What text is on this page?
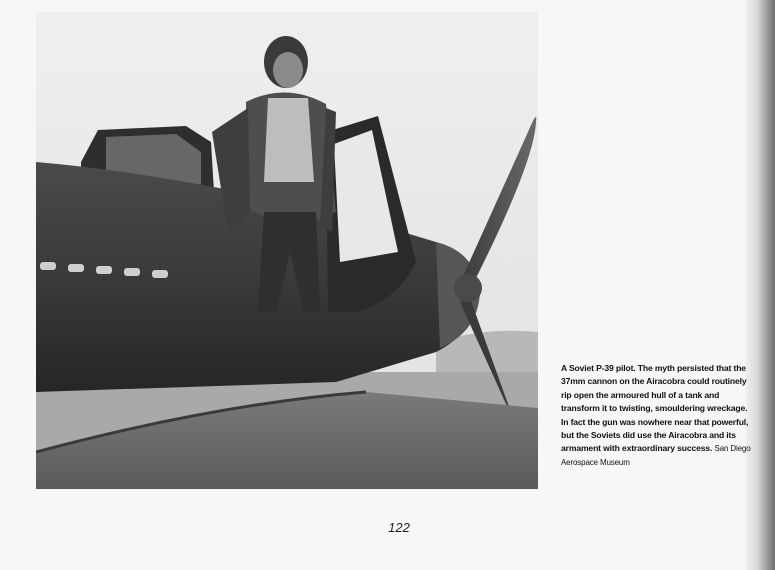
A Soviet P-39 pilot. The myth persisted that the 37mm cannon on the Airacobra could routinely rip open the armoured hull of a tank and transform it to twisting, smouldering wreckage. In fact the gun was nowhere near that powerful, but the Soviets did use the Airacobra and its armament with extraordinary success. San Diego Aerospace Museum
122
